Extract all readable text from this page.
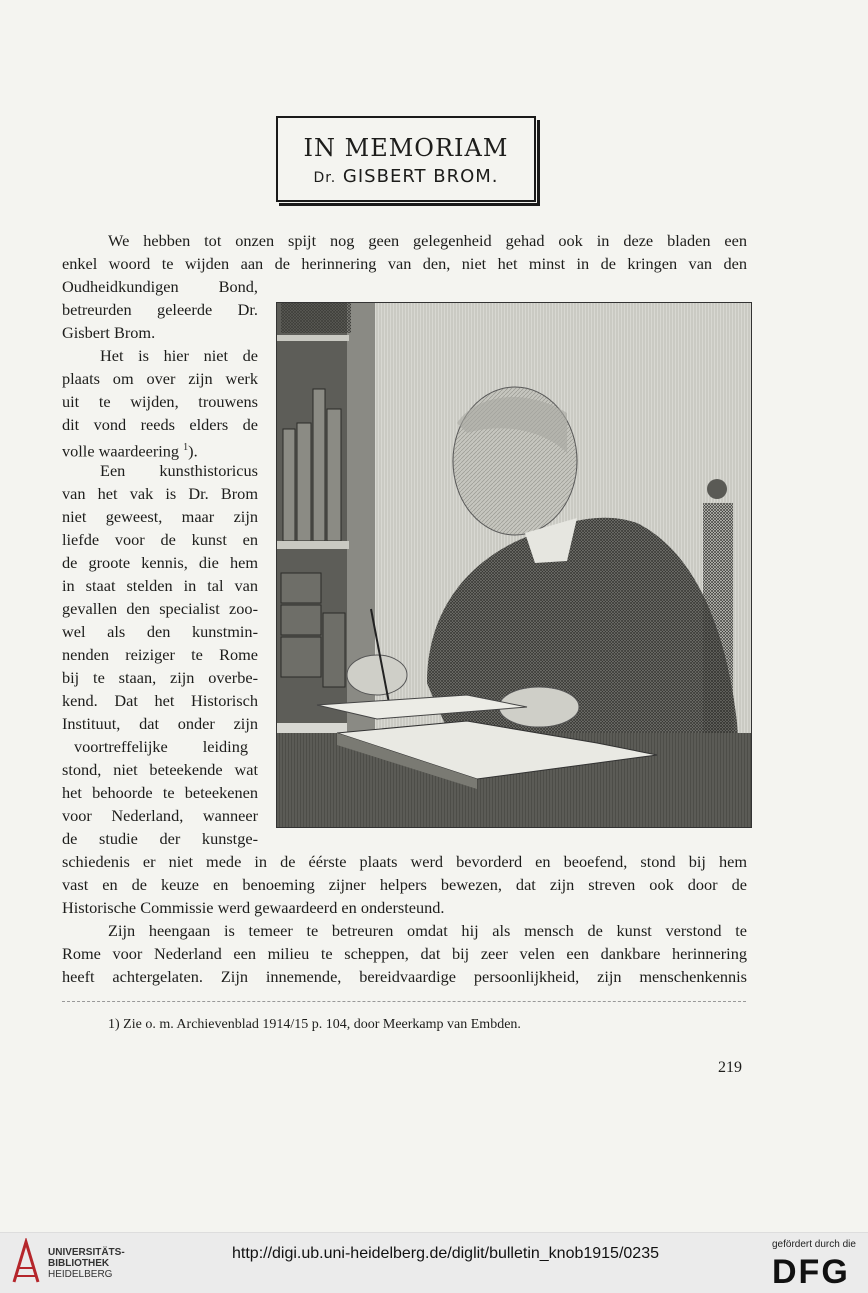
IN MEMORIAM
Dr. GISBERT BROM.
We hebben tot onzen spijt nog geen gelegenheid gehad ook in deze bladen een
enkel woord te wijden aan de herinnering van den, niet het minst in de kringen van den
Oudheidkundigen Bond,
betreurden geleerde Dr.
Gisbert Brom.
Het is hier niet de
plaats om over zijn werk
uit te wijden, trouwens
dit vond reeds elders de
volle waardeering $^1$).
Een kunsthistoricus
van het vak is Dr. Brom
niet geweest, maar zijn
liefde voor de kunst en
de groote kennis, die hem
in staat stelden in tal van
gevallen den specialist zoo-
wel als den kunstmin-
nenden reiziger te Rome
bij te staan, zijn overbe-
kend. Dat het Historisch
Instituut, dat onder zijn
voortreffelijke leiding
stond, niet beteekende wat
het behoorde te beteekenen
voor Nederland, wanneer
de studie der kunstge-
schiedenis er niet mede in de éérste plaats werd bevorderd en beoefend, stond bij hem
vast en de keuze en benoeming zijner helpers bewezen, dat zijn streven ook door de
Historische Commissie werd gewaardeerd en ondersteund.
Zijn heengaan is temeer te betreuren omdat hij als mensch de kunst verstond te
Rome voor Nederland een milieu te scheppen, dat bij zeer velen een dankbare herinnering
heeft achtergelaten. Zijn innemende, bereidvaardige persoonlijkheid, zijn menschenkennis
1) Zie o. m. Archievenblad 1914/15 p. 104, door Meerkamp van Embden.
219
UNIVERSITÄTS-
BIBLIOTHEK
HEIDELBERG
http://digi.ub.uni-heidelberg.de/diglit/bulletin_knob1915/0235
gefördert durch die
DFG
